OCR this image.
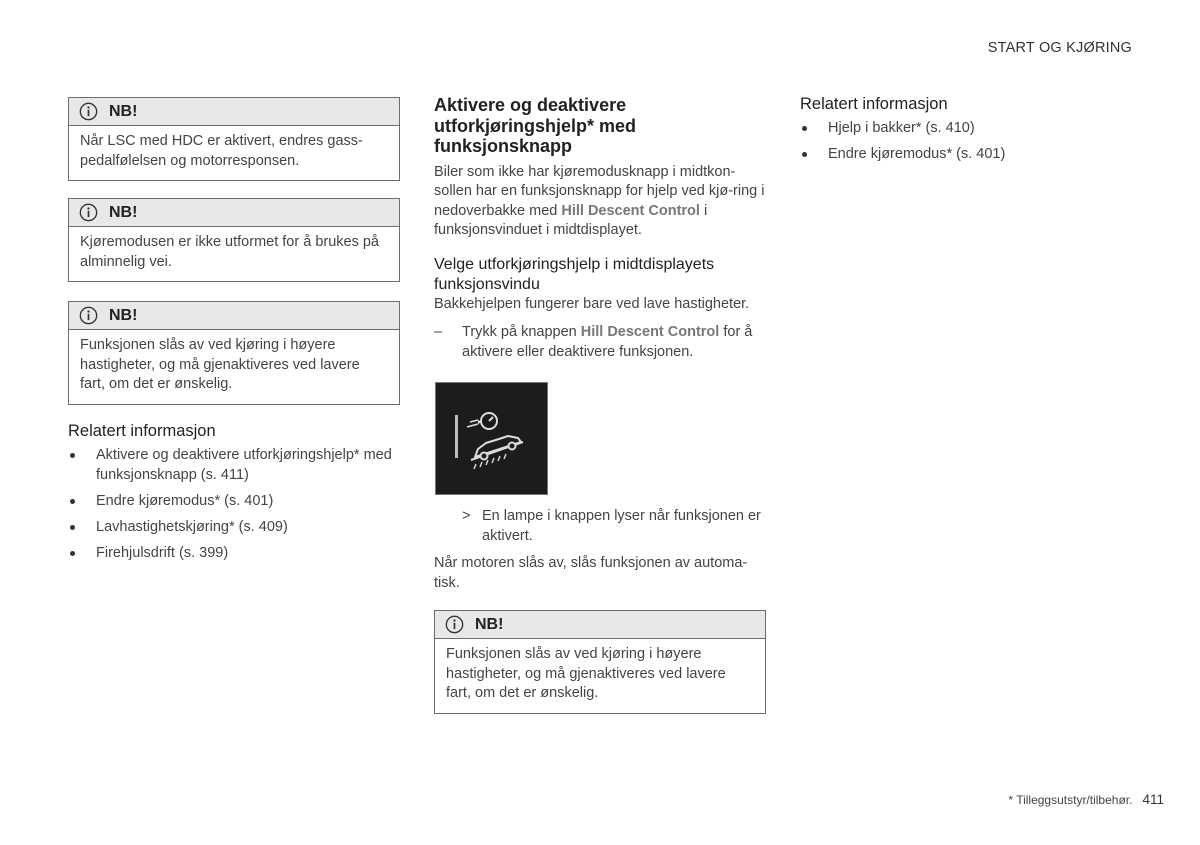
START OG KJØRING
NB!
Når LSC med HDC er aktivert, endres gass-pedalfølelsen og motorresponsen.
NB!
Kjøremodusen er ikke utformet for å brukes på alminnelig vei.
NB!
Funksjonen slås av ved kjøring i høyere hastigheter, og må gjenaktiveres ved lavere fart, om det er ønskelig.
Relatert informasjon
Aktivere og deaktivere utforkjøringshjelp* med funksjonsknapp (s. 411)
Endre kjøremodus* (s. 401)
Lavhastighetskjøring* (s. 409)
Firehjulsdrift (s. 399)
Aktivere og deaktivere utforkjøringshjelp* med funksjonsknapp

Biler som ikke har kjøremodusknapp i midtkon-sollen har en funksjonsknapp for hjelp ved kjø-ring i nedoverbakke med Hill Descent Control i funksjonsvinduet i midtdisplayet.

Velge utforkjøringshjelp i midtdisplayets funksjonsvindu

Bakkehjelpen fungerer bare ved lave hastigheter.

– Trykk på knappen Hill Descent Control for å aktivere eller deaktivere funksjonen.
> En lampe i knappen lyser når funksjonen er aktivert.

Når motoren slås av, slås funksjonen av automa-tisk.

NB!
Funksjonen slås av ved kjøring i høyere hastigheter, og må gjenaktiveres ved lavere fart, om det er ønskelig.
Relatert informasjon
Hjelp i bakker* (s. 410)
Endre kjøremodus* (s. 401)
* Tilleggsutstyr/tilbehør. 411
